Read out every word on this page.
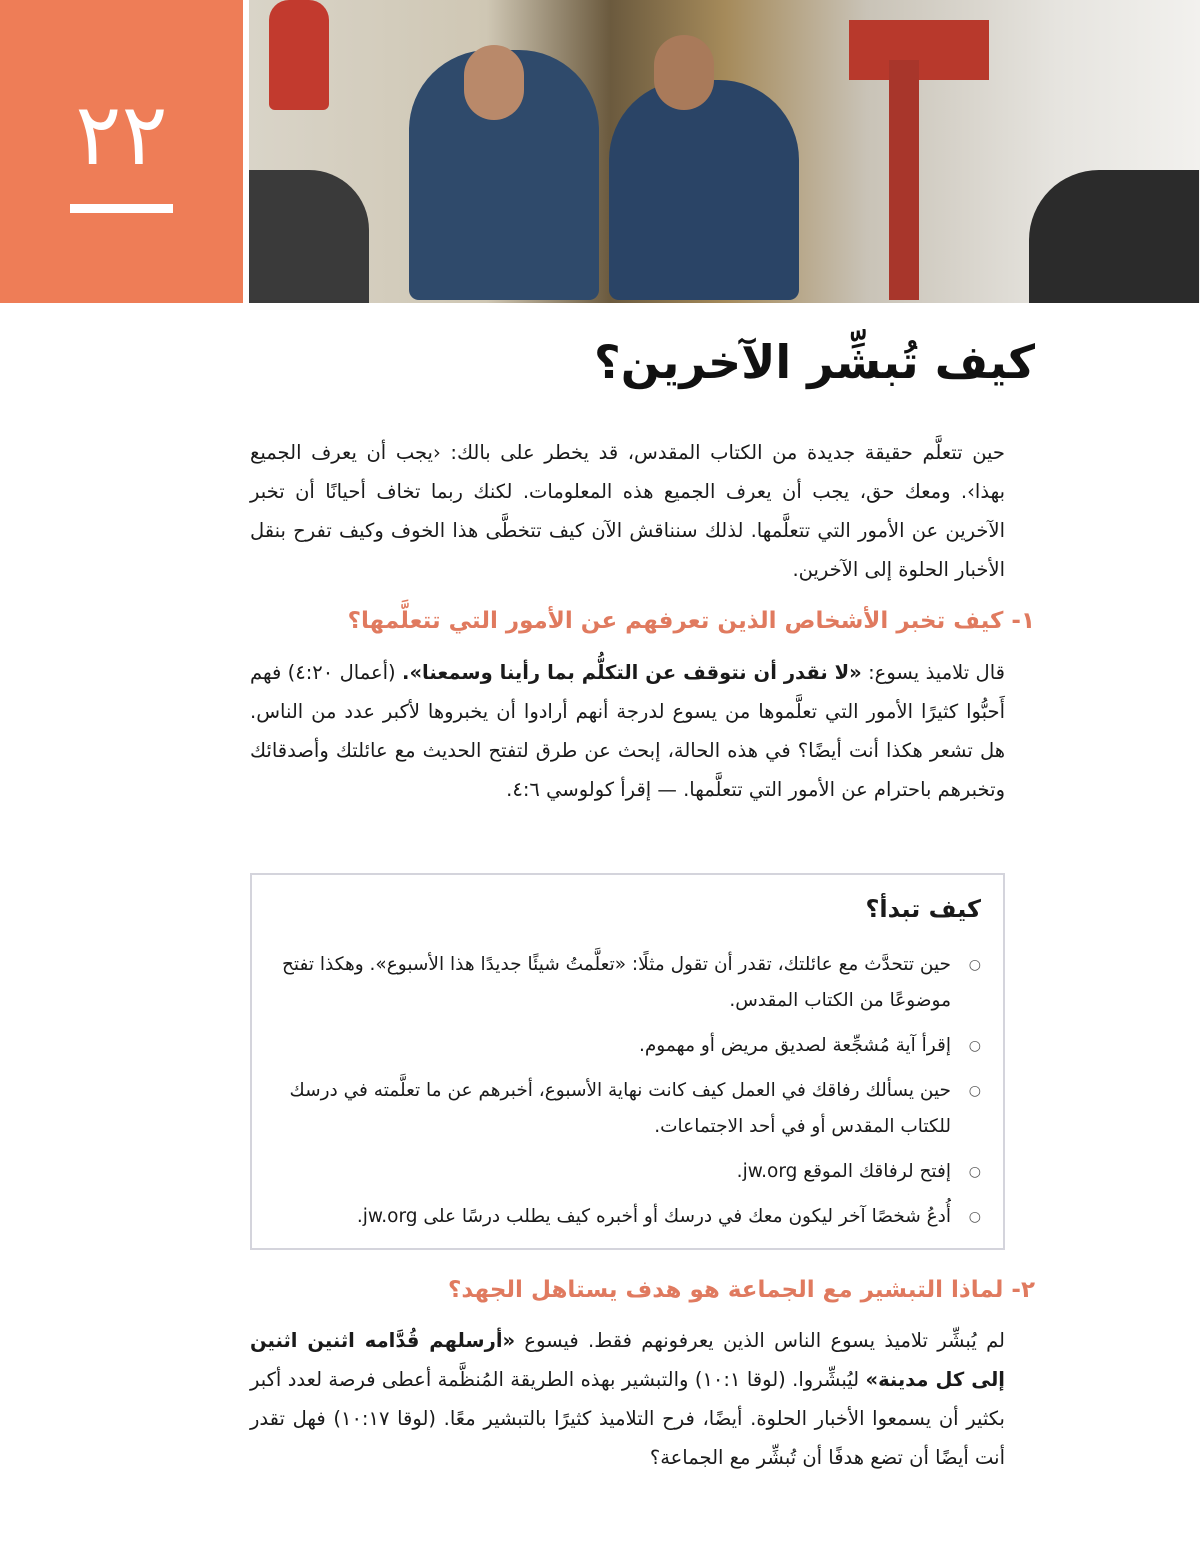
٢٢
كيف تُبشِّر الآخرين؟
حين تتعلَّم حقيقة جديدة من الكتاب المقدس، قد يخطر على بالك: ‹يجب أن يعرف الجميع بهذا›. ومعك حق، يجب أن يعرف الجميع هذه المعلومات. لكنك ربما تخاف أحيانًا أن تخبر الآخرين عن الأمور التي تتعلَّمها. لذلك سنناقش الآن كيف تتخطَّى هذا الخوف وكيف تفرح بنقل الأخبار الحلوة إلى الآخرين.
١- كيف تخبر الأشخاص الذين تعرفهم عن الأمور التي تتعلَّمها؟
قال تلاميذ يسوع: «لا نقدر أن نتوقف عن التكلُّم بما رأينا وسمعنا». (أعمال ٤:٢٠) فهم أَحبُّوا كثيرًا الأمور التي تعلَّموها من يسوع لدرجة أنهم أرادوا أن يخبروها لأكبر عدد من الناس. هل تشعر هكذا أنت أيضًا؟ في هذه الحالة، إبحث عن طرق لتفتح الحديث مع عائلتك وأصدقائك وتخبرهم باحترام عن الأمور التي تتعلَّمها. — إقرأ كولوسي ٤:٦.
كيف تبدأ؟
○
حين تتحدَّث مع عائلتك، تقدر أن تقول مثلًا: «تعلَّمتُ شيئًا جديدًا هذا الأسبوع». وهكذا تفتح موضوعًا من الكتاب المقدس.
○
إقرأ آية مُشجِّعة لصديق مريض أو مهموم.
○
حين يسألك رفاقك في العمل كيف كانت نهاية الأسبوع، أخبرهم عن ما تعلَّمته في درسك للكتاب المقدس أو في أحد الاجتماعات.
○
إفتح لرفاقك الموقع jw.org.
○
أُدعُ شخصًا آخر ليكون معك في درسك أو أخبره كيف يطلب درسًا على jw.org.
٢- لماذا التبشير مع الجماعة هو هدف يستاهل الجهد؟
لم يُبشِّر تلاميذ يسوع الناس الذين يعرفونهم فقط. فيسوع «أرسلهم قُدَّامه اثنين اثنين إلى كل مدينة» ليُبشِّروا. (لوقا ١٠:١) والتبشير بهذه الطريقة المُنظَّمة أعطى فرصة لعدد أكبر بكثير أن يسمعوا الأخبار الحلوة. أيضًا، فرح التلاميذ كثيرًا بالتبشير معًا. (لوقا ١٠:١٧) فهل تقدر أنت أيضًا أن تضع هدفًا أن تُبشِّر مع الجماعة؟
